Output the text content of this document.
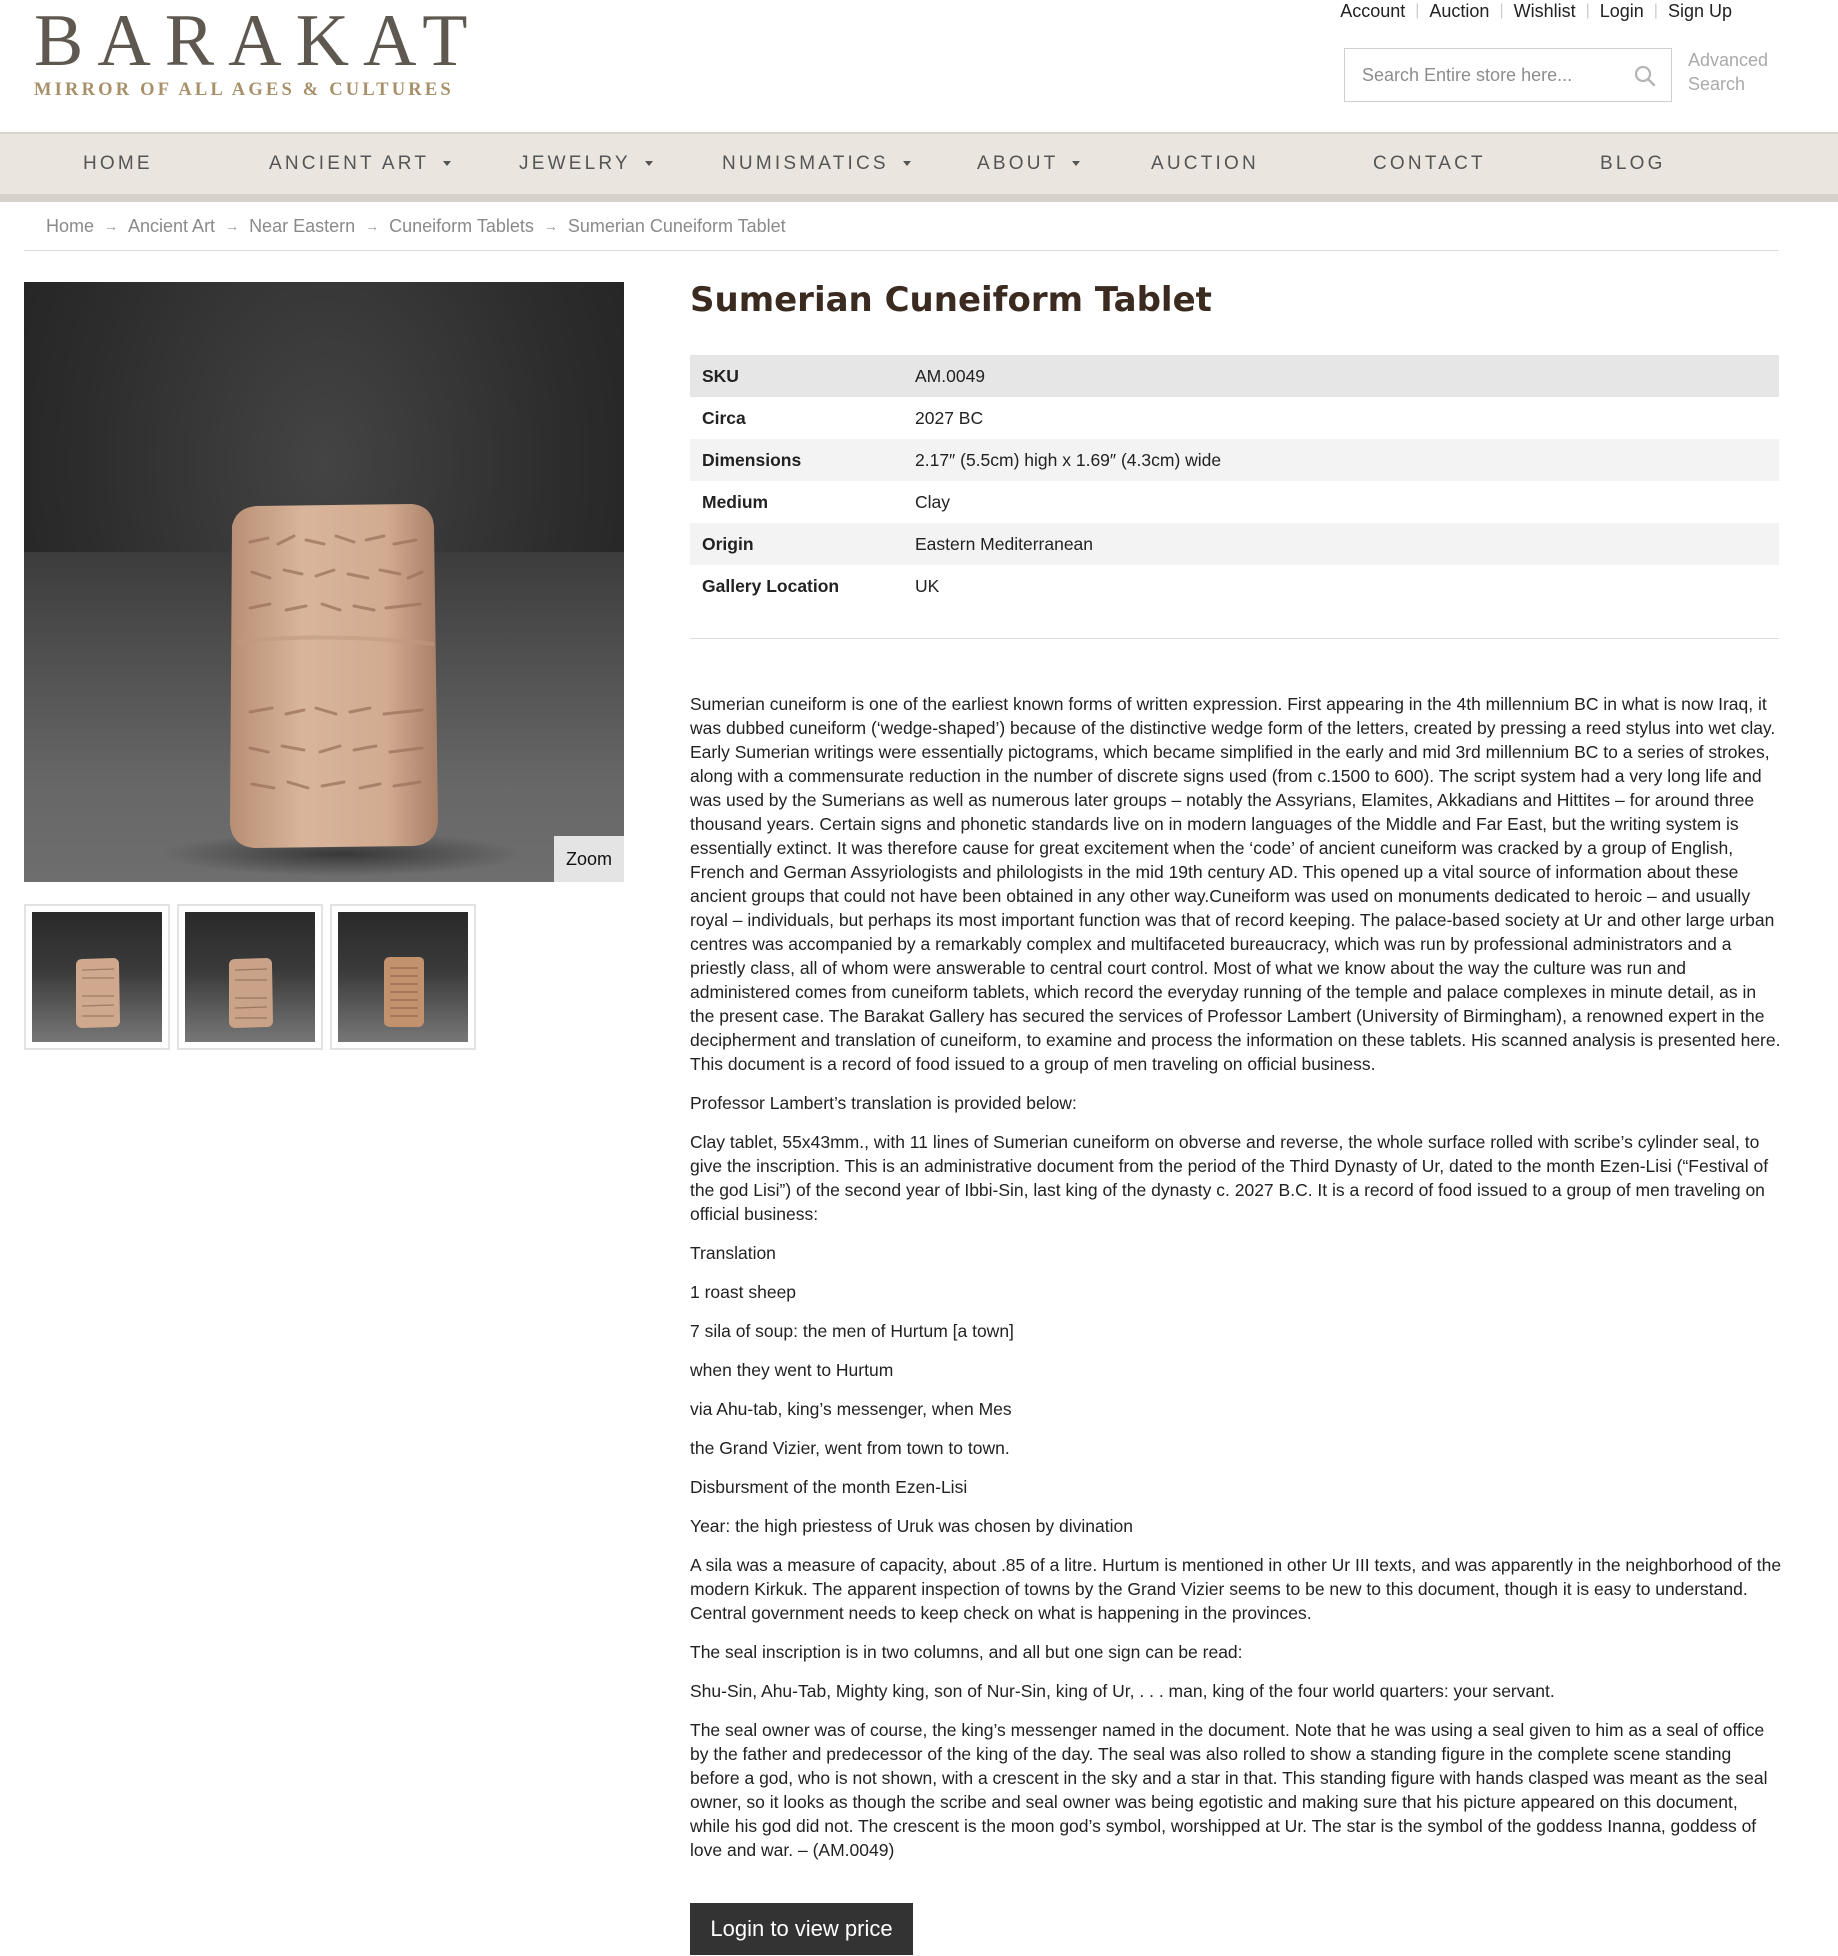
BARAKAT
MIRROR OF ALL AGES & CULTURES
Account | Auction | Wishlist | Login | Sign Up
Search Entire store here...
Advanced
Search
HOME	ANCIENT ART	JEWELRY	NUMISMATICS	ABOUT	AUCTION	CONTACT	BLOG
Home → Ancient Art → Near Eastern → Cuneiform Tablets → Sumerian Cuneiform Tablet
Zoom
Sumerian Cuneiform Tablet
SKU	AM.0049
Circa	2027 BC
Dimensions	2.17″ (5.5cm) high x 1.69″ (4.3cm) wide
Medium	Clay
Origin	Eastern Mediterranean
Gallery Location	UK

Sumerian cuneiform is one of the earliest known forms of written expression. First appearing in the 4th millennium BC in what is now Iraq, it was dubbed cuneiform (‘wedge-shaped’) because of the distinctive wedge form of the letters, created by pressing a reed stylus into wet clay. Early Sumerian writings were essentially pictograms, which became simplified in the early and mid 3rd millennium BC to a series of strokes, along with a commensurate reduction in the number of discrete signs used (from c.1500 to 600). The script system had a very long life and was used by the Sumerians as well as numerous later groups – notably the Assyrians, Elamites, Akkadians and Hittites – for around three thousand years. Certain signs and phonetic standards live on in modern languages of the Middle and Far East, but the writing system is essentially extinct. It was therefore cause for great excitement when the ‘code’ of ancient cuneiform was cracked by a group of English, French and German Assyriologists and philologists in the mid 19th century AD. This opened up a vital source of information about these ancient groups that could not have been obtained in any other way.Cuneiform was used on monuments dedicated to heroic – and usually royal – individuals, but perhaps its most important function was that of record keeping. The palace-based society at Ur and other large urban centres was accompanied by a remarkably complex and multifaceted bureaucracy, which was run by professional administrators and a priestly class, all of whom were answerable to central court control. Most of what we know about the way the culture was run and administered comes from cuneiform tablets, which record the everyday running of the temple and palace complexes in minute detail, as in the present case. The Barakat Gallery has secured the services of Professor Lambert (University of Birmingham), a renowned expert in the decipherment and translation of cuneiform, to examine and process the information on these tablets. His scanned analysis is presented here. This document is a record of food issued to a group of men traveling on official business.

Professor Lambert’s translation is provided below:

Clay tablet, 55x43mm., with 11 lines of Sumerian cuneiform on obverse and reverse, the whole surface rolled with scribe’s cylinder seal, to give the inscription. This is an administrative document from the period of the Third Dynasty of Ur, dated to the month Ezen-Lisi (“Festival of the god Lisi”) of the second year of Ibbi-Sin, last king of the dynasty c. 2027 B.C. It is a record of food issued to a group of men traveling on official business:

Translation

1 roast sheep

7 sila of soup: the men of Hurtum [a town]

when they went to Hurtum

via Ahu-tab, king’s messenger, when Mes

the Grand Vizier, went from town to town.

Disbursment of the month Ezen-Lisi

Year: the high priestess of Uruk was chosen by divination

A sila was a measure of capacity, about .85 of a litre. Hurtum is mentioned in other Ur III texts, and was apparently in the neighborhood of the modern Kirkuk. The apparent inspection of towns by the Grand Vizier seems to be new to this document, though it is easy to understand. Central government needs to keep check on what is happening in the provinces.

The seal inscription is in two columns, and all but one sign can be read:

Shu-Sin, Ahu-Tab, Mighty king, son of Nur-Sin, king of Ur, . . . man, king of the four world quarters: your servant.

The seal owner was of course, the king’s messenger named in the document. Note that he was using a seal given to him as a seal of office by the father and predecessor of the king of the day. The seal was also rolled to show a standing figure in the complete scene standing before a god, who is not shown, with a crescent in the sky and a star in that. This standing figure with hands clasped was meant as the seal owner, so it looks as though the scribe and seal owner was being egotistic and making sure that his picture appeared on this document, while his god did not. The crescent is the moon god’s symbol, worshipped at Ur. The star is the symbol of the goddess Inanna, goddess of love and war. – (AM.0049)

Login to view price
